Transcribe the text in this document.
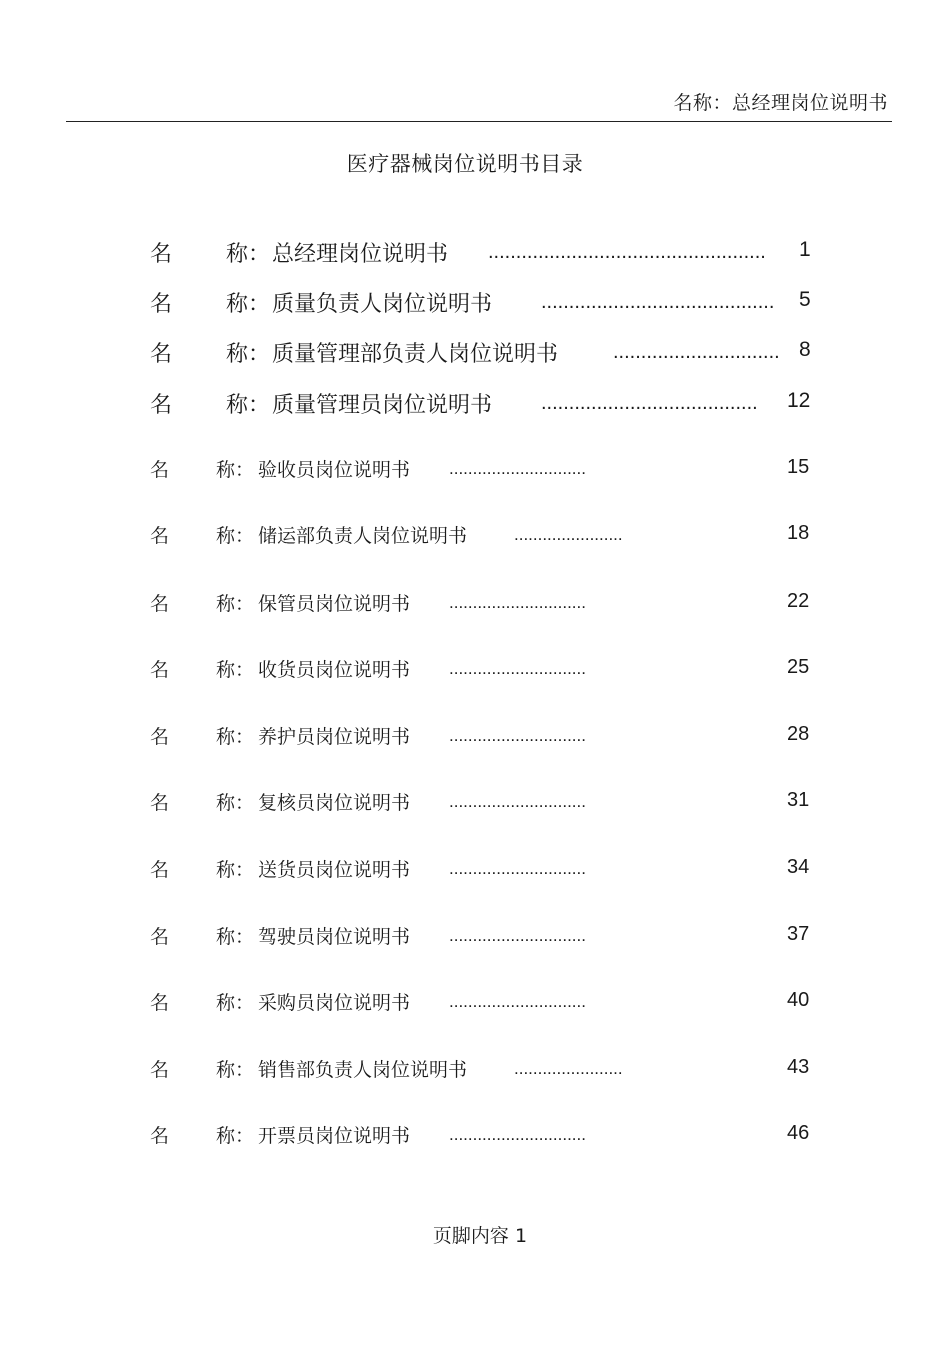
名称：总经理岗位说明书
医疗器械岗位说明书目录
名 称： 总经理岗位说明书 .................................................. 1
名 称： 质量负责人岗位说明书 .......................................... 5
名 称： 质量管理部负责人岗位说明书	.............................. 8
名 称： 质量管理员岗位说明书 ....................................... 12
名 称： 验收员岗位说明书 .............................	15
名 称： 储运部负责人岗位说明书	.......................	18
名 称： 保管员岗位说明书 .............................	22
名 称： 收货员岗位说明书 .............................	25
名 称： 养护员岗位说明书 .............................	28
名 称： 复核员岗位说明书 .............................	31
名 称： 送货员岗位说明书 .............................	34
名 称： 驾驶员岗位说明书 .............................	37
名 称： 采购员岗位说明书 .............................	40
名 称： 销售部负责人岗位说明书	.......................	43
名 称： 开票员岗位说明书 .............................	46
页脚内容 1
